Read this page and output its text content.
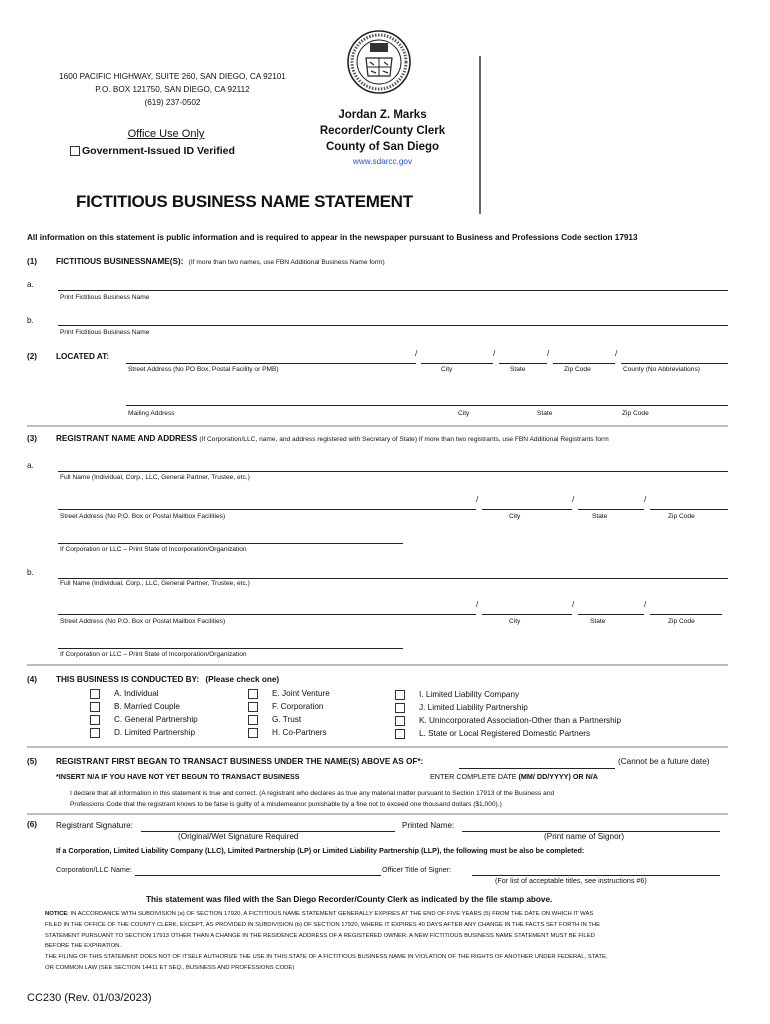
1600 PACIFIC HIGHWAY, SUITE 260, SAN DIEGO, CA 92101
P.O. BOX 121750, SAN DIEGO, CA 92112
(619) 237-0502
Office Use Only
Government-Issued ID Verified
Jordan Z. Marks
Recorder/County Clerk
County of San Diego
www.sdarcc.gov
FICTITIOUS BUSINESS NAME STATEMENT
All information on this statement is public information and is required to appear in the newspaper pursuant to Business and Professions Code section 17913
(1) FICTITIOUS BUSINESSNAME(S): (If more than two names, use FBN Additional Business Name form)
a.
Print Fictitious Business Name
b.
Print Fictitious Business Name
(2) LOCATED AT:	/	/	/	/
Street Address (No PO Box, Postal Facility or PMB)	City	State	Zip Code	County (No Abbreviations)
Mailing Address	City	State	Zip Code
(3) REGISTRANT NAME AND ADDRESS (If Corporation/LLC, name, and address registered with Secretary of State) If more than two registrants, use FBN Additional Registrants form
a.
Full Name (Individual, Corp., LLC, General Partner, Trustee, etc.)
/	/	/
Street Address (No P.O. Box or Postal Mailbox Facilities)	City	State	Zip Code
If Corporation or LLC – Print State of Incorporation/Organization
b.
Full Name (Individual, Corp., LLC, General Partner, Trustee, etc.)
/	/	/
Street Address (No P.O. Box or Postal Mailbox Facilities)	City	State	Zip Code
If Corporation or LLC – Print State of Incorporation/Organization
(4) THIS BUSINESS IS CONDUCTED BY: (Please check one)
A. Individual
B. Married Couple
C. General Partnership
D. Limited Partnership
E. Joint Venture
F. Corporation
G. Trust
H. Co-Partners
I. Limited Liability Company
J. Limited Liability Partnership
K. Unincorporated Association-Other than a Partnership
L. State or Local Registered Domestic Partners
(5) REGISTRANT FIRST BEGAN TO TRANSACT BUSINESS UNDER THE NAME(S) ABOVE AS OF*:	(Cannot be a future date)
*INSERT N/A IF YOU HAVE NOT YET BEGUN TO TRANSACT BUSINESS	ENTER COMPLETE DATE (MM/ DD/YYYY) OR N/A
I declare that all information in this statement is true and correct. (A registrant who declares as true any material matter pursuant to Section 17913 of the Business and
Professions Code that the registrant knows to be false is guilty of a misdemeanor punishable by a fine not to exceed one thousand dollars ($1,000).)
(6) Registrant Signature:	Printed Name:
(Original/Wet Signature Required	(Print name of Signor)
If a Corporation, Limited Liability Company (LLC), Limited Partnership (LP) or Limited Liability Partnership (LLP), the following must be also be completed:
Corporation/LLC Name:	Officer Title of Signer:
(For list of acceptable titles, see instructions #6)
This statement was filed with the San Diego Recorder/County Clerk as indicated by the file stamp above.
NOTICE: IN ACCORDANCE WITH SUBDIVISION (a) OF SECTION 17920, A FICTITIOUS NAME STATEMENT GENERALLY EXPIRES AT THE END OF FIVE YEARS (5) FROM THE DATE ON WHICH IT WAS
FILED IN THE OFFICE OF THE COUNTY CLERK, EXCEPT, AS PROVIDED IN SUBDIVISION (b) OF SECTION 17920, WHERE IT EXPIRES 40 DAYS AFTER ANY CHANGE IN THE FACTS SET FORTH IN THE
STATEMENT PURSUANT TO SECTION 17913 OTHER THAN A CHANGE IN THE RESIDENCE ADDRESS OF A REGISTERED OWNER. A NEW FICTITIOUS BUSINESS NAME STATEMENT MUST BE FILED
BEFORE THE EXPIRATION.
THE FILING OF THIS STATEMENT DOES NOT OF ITSELF AUTHORIZE THE USE IN THIS STATE OF A FICTITIOUS BUSINESS NAME IN VIOLATION OF THE RIGHTS OF ANOTHER UNDER FEDERAL, STATE,
OR COMMON LAW (SEE SECTION 14411 ET SEQ., BUSINESS AND PROFESSIONS CODE)
CC230 (Rev. 01/03/2023)
